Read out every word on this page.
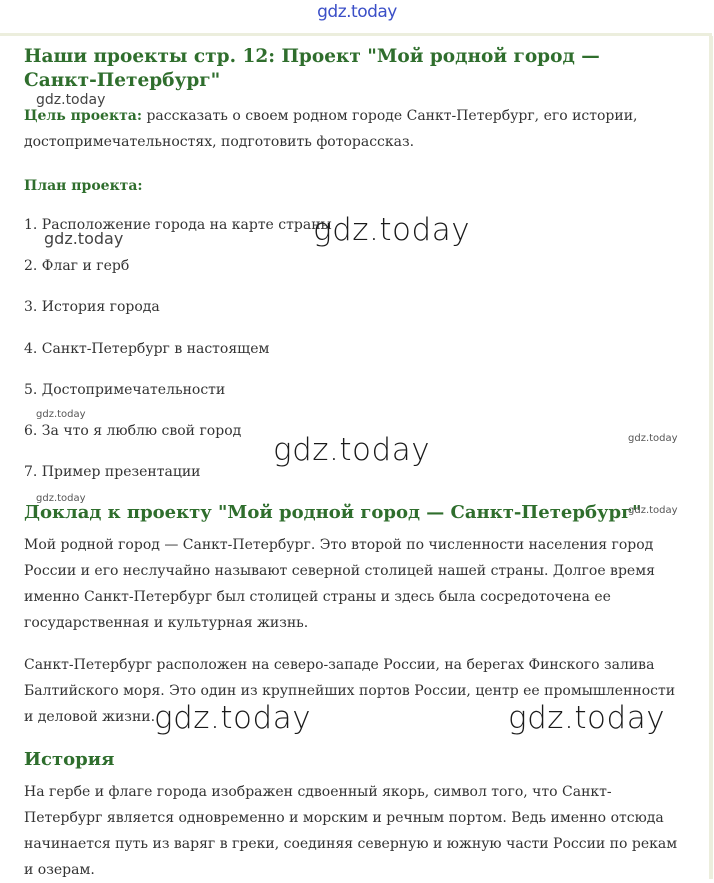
gdz.today
Наши проекты стр. 12: Проект "Мой родной город — Санкт-Петербург"

Цель проекта: рассказать о своем родном городе Санкт-Петербург, его истории, достопримечательностях, подготовить фоторассказ.

План проекта:

1. Расположение города на карте страны
2. Флаг и герб
3. История города
4. Санкт-Петербург в настоящем
5. Достопримечательности
6. За что я люблю свой город
7. Пример презентации
Доклад к проекту "Мой родной город — Санкт-Петербург"

Мой родной город — Санкт-Петербург. Это второй по численности населения город России и его неслучайно называют северной столицей нашей страны. Долгое время именно Санкт-Петербург был столицей страны и здесь была сосредоточена ее государственная и культурная жизнь.

Санкт-Петербург расположен на северо-западе России, на берегах Финского залива Балтийского моря. Это один из крупнейших портов России, центр ее промышленности и деловой жизни.

История

На гербе и флаге города изображен сдвоенный якорь, символ того, что Санкт-Петербург является одновременно и морским и речным портом. Ведь именно отсюда начинается путь из варяг в греки, соединяя северную и южную части России по рекам и озерам.

gdz.today
gdz.today
gdz.today
gdz.today
gdz.today
gdz.today
gdz.today
gdz.today
gdz.today	gdz.today
